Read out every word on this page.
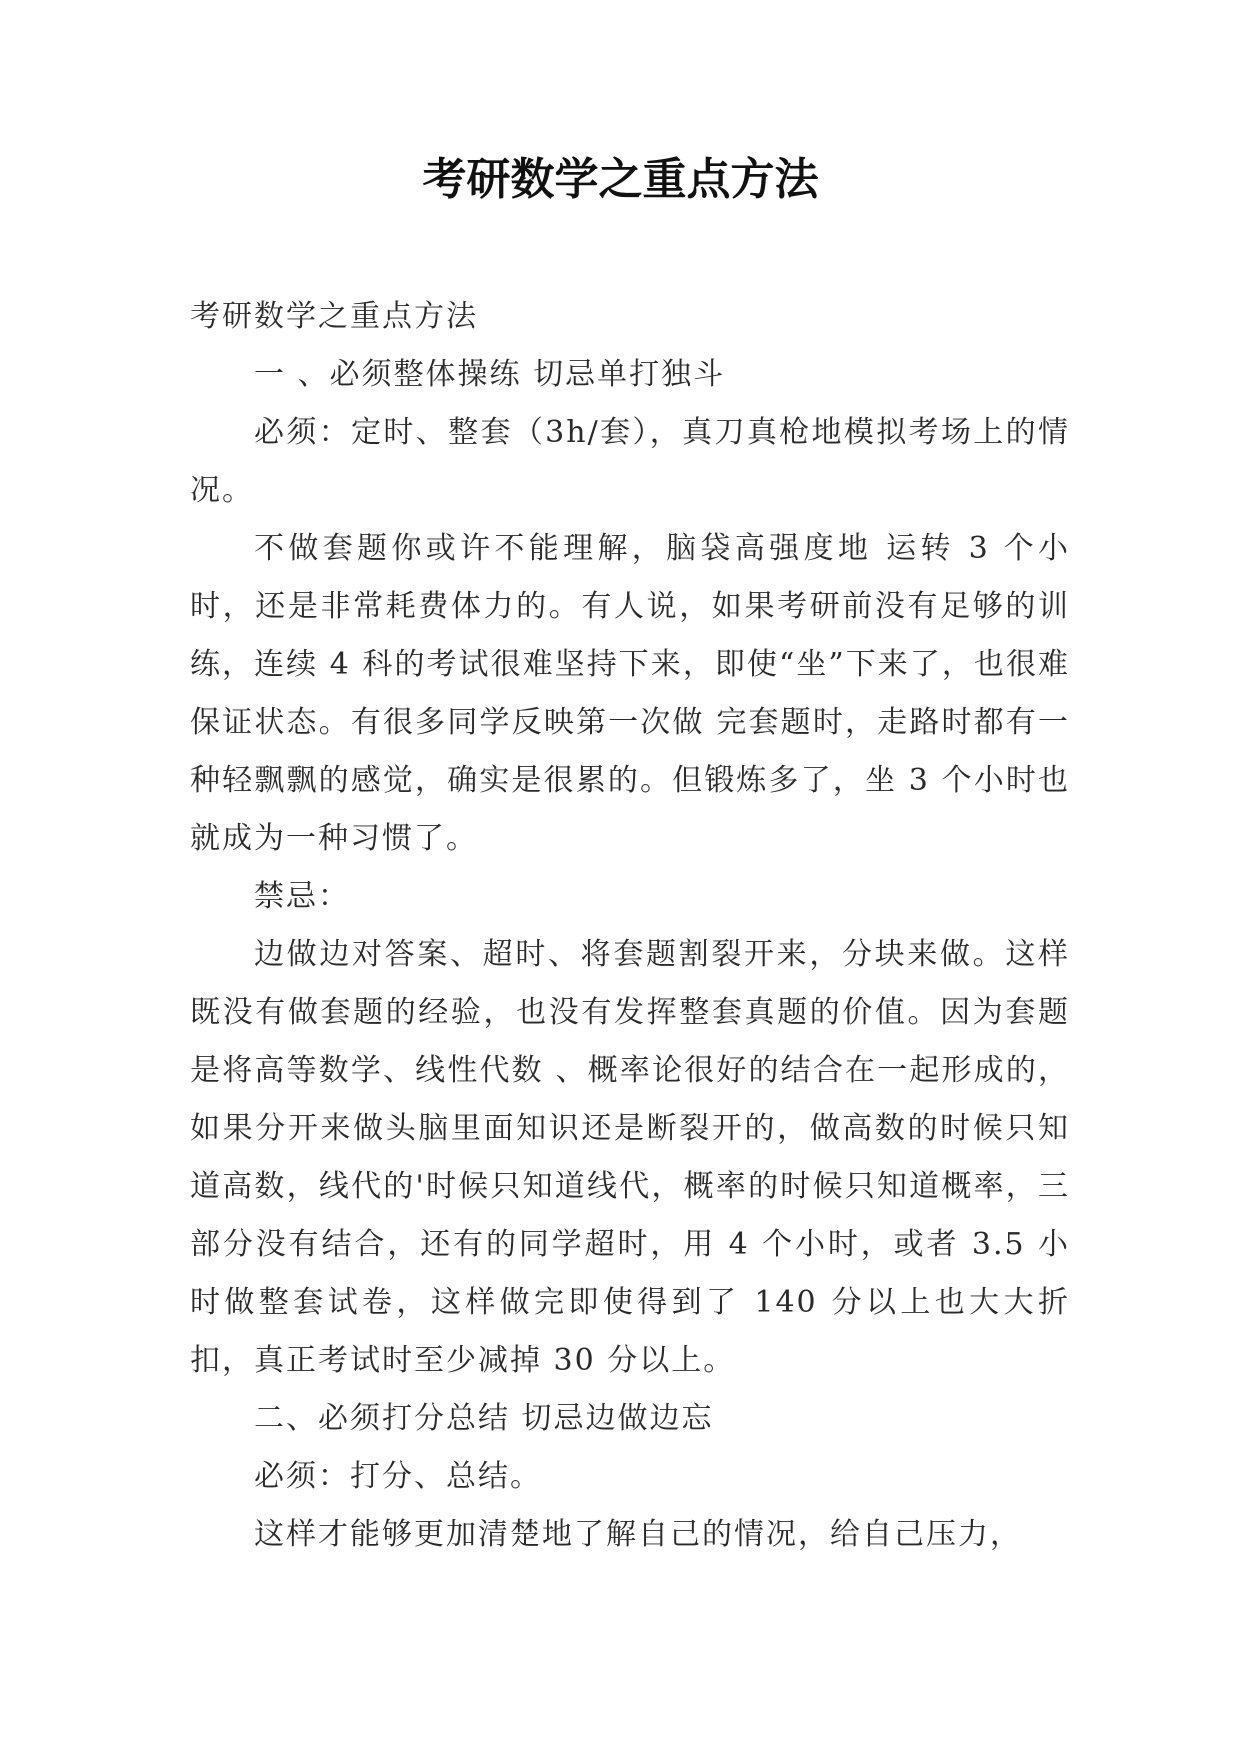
考研数学之重点方法

考研数学之重点方法

一 、必须整体操练 切忌单打独斗

必须：定时、整套（3h/套），真刀真枪地模拟考场上的情况。

不做套题你或许不能理解，脑袋高强度地 运转 3 个小时，还是非常耗费体力的。有人说，如果考研前没有足够的训练，连续 4 科的考试很难坚持下来，即使“坐”下来了，也很难保证状态。有很多同学反映第一次做 完套题时，走路时都有一种轻飘飘的感觉，确实是很累的。但锻炼多了，坐 3 个小时也就成为一种习惯了。

禁忌：

边做边对答案、超时、将套题割裂开来，分块来做。这样既没有做套题的经验，也没有发挥整套真题的价值。因为套题是将高等数学、线性代数 、概率论很好的结合在一起形成的，如果分开来做头脑里面知识还是断裂开的，做高数的时候只知道高数，线代的'时候只知道线代，概率的时候只知道概率，三部分没有结合，还有的同学超时，用 4 个小时，或者 3.5 小时做整套试卷，这样做完即使得到了 140 分以上也大大折扣，真正考试时至少减掉 30 分以上。

二、必须打分总结 切忌边做边忘

必须：打分、总结。

这样才能够更加清楚地了解自己的情况，给自己压力，
